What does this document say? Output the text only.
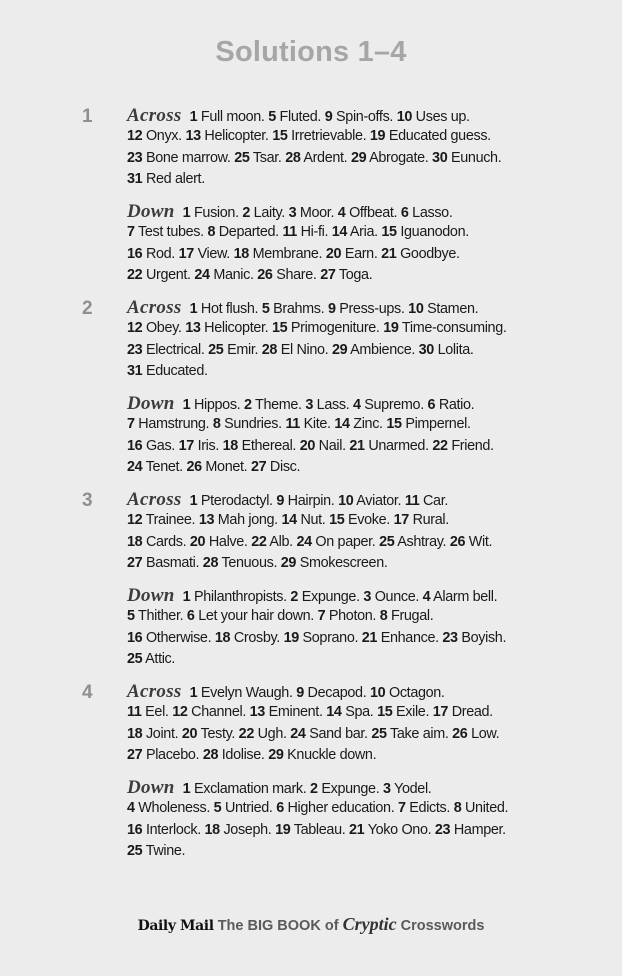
Solutions 1–4
1 Across 1 Full moon. 5 Fluted. 9 Spin-offs. 10 Uses up.
12 Onyx. 13 Helicopter. 15 Irretrievable. 19 Educated guess.
23 Bone marrow. 25 Tsar. 28 Ardent. 29 Abrogate. 30 Eunuch.
31 Red alert.
Down 1 Fusion. 2 Laity. 3 Moor. 4 Offbeat. 6 Lasso.
7 Test tubes. 8 Departed. 11 Hi-fi. 14 Aria. 15 Iguanodon.
16 Rod. 17 View. 18 Membrane. 20 Earn. 21 Goodbye.
22 Urgent. 24 Manic. 26 Share. 27 Toga.
2 Across 1 Hot flush. 5 Brahms. 9 Press-ups. 10 Stamen.
12 Obey. 13 Helicopter. 15 Primogeniture. 19 Time-consuming.
23 Electrical. 25 Emir. 28 El Nino. 29 Ambience. 30 Lolita.
31 Educated.
Down 1 Hippos. 2 Theme. 3 Lass. 4 Supremo. 6 Ratio.
7 Hamstrung. 8 Sundries. 11 Kite. 14 Zinc. 15 Pimpernel.
16 Gas. 17 Iris. 18 Ethereal. 20 Nail. 21 Unarmed. 22 Friend.
24 Tenet. 26 Monet. 27 Disc.
3 Across 1 Pterodactyl. 9 Hairpin. 10 Aviator. 11 Car.
12 Trainee. 13 Mah jong. 14 Nut. 15 Evoke. 17 Rural.
18 Cards. 20 Halve. 22 Alb. 24 On paper. 25 Ashtray. 26 Wit.
27 Basmati. 28 Tenuous. 29 Smokescreen.
Down 1 Philanthropists. 2 Expunge. 3 Ounce. 4 Alarm bell.
5 Thither. 6 Let your hair down. 7 Photon. 8 Frugal.
16 Otherwise. 18 Crosby. 19 Soprano. 21 Enhance. 23 Boyish.
25 Attic.
4 Across 1 Evelyn Waugh. 9 Decapod. 10 Octagon.
11 Eel. 12 Channel. 13 Eminent. 14 Spa. 15 Exile. 17 Dread.
18 Joint. 20 Testy. 22 Ugh. 24 Sand bar. 25 Take aim. 26 Low.
27 Placebo. 28 Idolise. 29 Knuckle down.
Down 1 Exclamation mark. 2 Expunge. 3 Yodel.
4 Wholeness. 5 Untried. 6 Higher education. 7 Edicts. 8 United.
16 Interlock. 18 Joseph. 19 Tableau. 21 Yoko Ono. 23 Hamper.
25 Twine.
Daily Mail The BIG BOOK of Cryptic Crosswords
